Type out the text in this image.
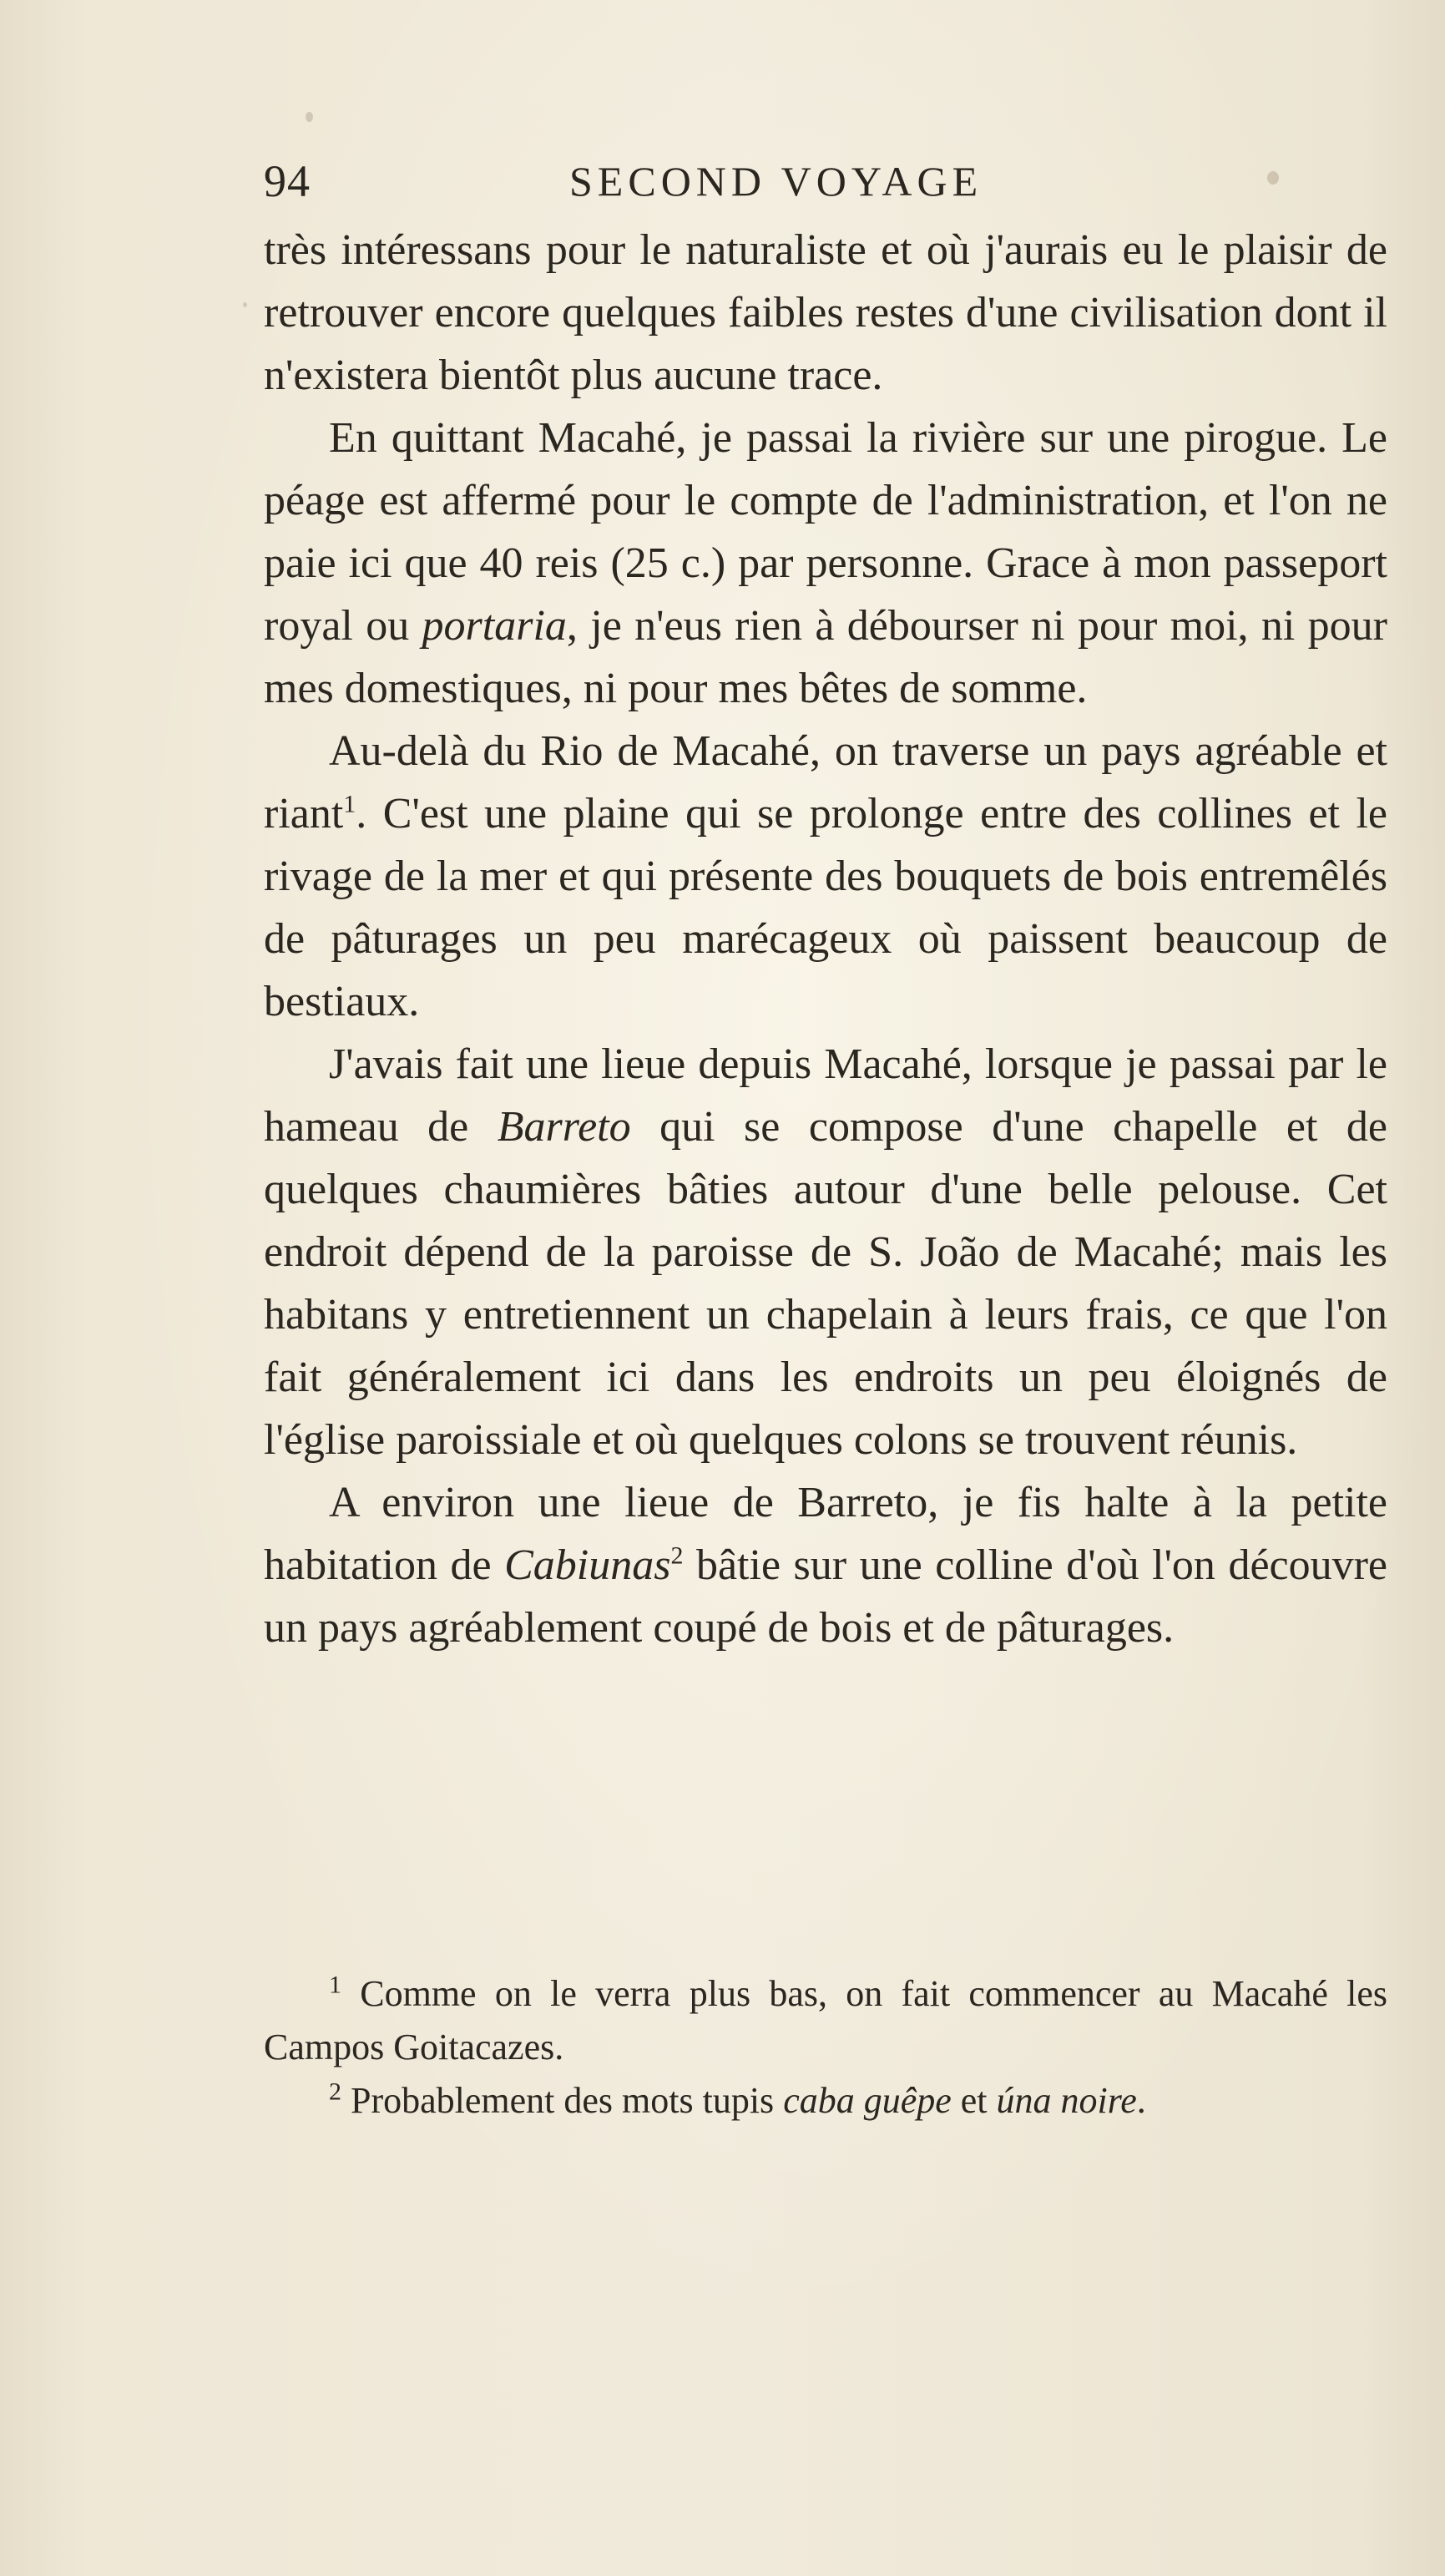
94	SECOND VOYAGE

très intéressans pour le naturaliste et où j'aurais eu le plaisir de retrouver encore quelques faibles restes d'une civilisation dont il n'existera bientôt plus aucune trace.

En quittant Macahé, je passai la rivière sur une pirogue. Le péage est affermé pour le compte de l'administration, et l'on ne paie ici que 40 reis (25 c.) par personne. Grace à mon passeport royal ou portaria, je n'eus rien à débourser ni pour moi, ni pour mes domestiques, ni pour mes bêtes de somme.

Au-delà du Rio de Macahé, on traverse un pays agréable et riant$^1$. C'est une plaine qui se prolonge entre des collines et le rivage de la mer et qui présente des bouquets de bois entremêlés de pâturages un peu marécageux où paissent beaucoup de bestiaux.

J'avais fait une lieue depuis Macahé, lorsque je passai par le hameau de Barreto qui se compose d'une chapelle et de quelques chaumières bâties autour d'une belle pelouse. Cet endroit dépend de la paroisse de S. João de Macahé; mais les habitans y entretiennent un chapelain à leurs frais, ce que l'on fait généralement ici dans les endroits un peu éloignés de l'église paroissiale et où quelques colons se trouvent réunis.

A environ une lieue de Barreto, je fis halte à la petite habitation de Cabiunas$^2$ bâtie sur une colline d'où l'on découvre un pays agréablement coupé de bois et de pâturages.

$^1$ Comme on le verra plus bas, on fait commencer au Macahé les Campos Goitacazes.

$^2$ Probablement des mots tupis caba guêpe et úna noire.
